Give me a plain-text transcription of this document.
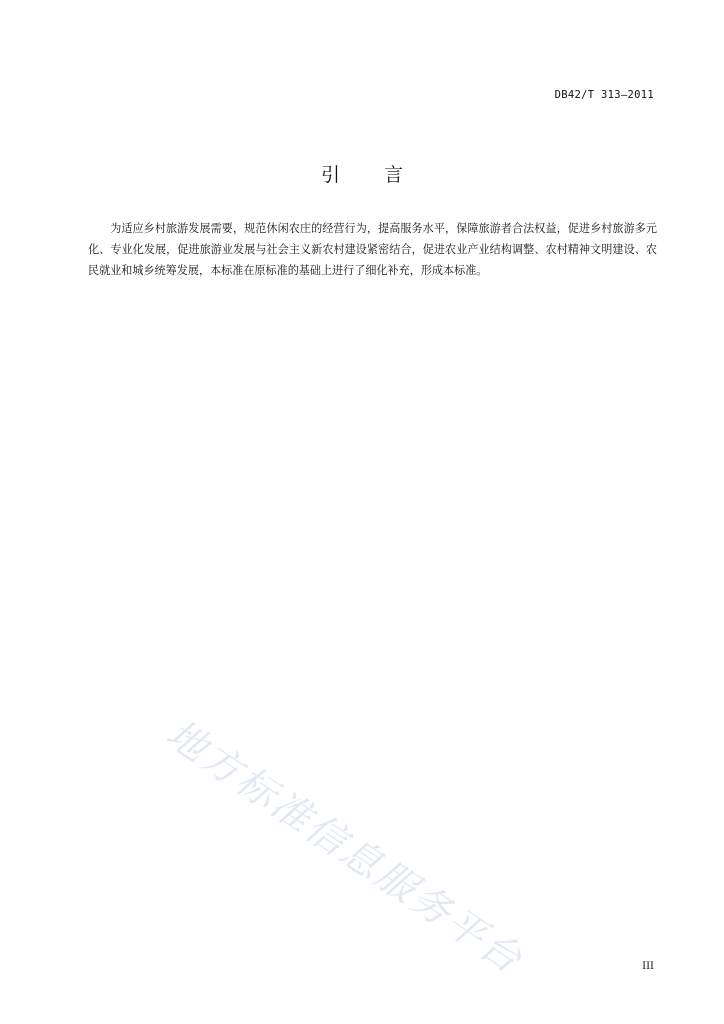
DB42/T 313—2011
引 言

为适应乡村旅游发展需要，规范休闲农庄的经营行为，提高服务水平，保障旅游者合法权益，促进乡村旅游多元化、专业化发展，促进旅游业发展与社会主义新农村建设紧密结合，促进农业产业结构调整、农村精神文明建设、农民就业和城乡统筹发展，本标准在原标准的基础上进行了细化补充，形成本标准。

地方标准信息服务平台	III
